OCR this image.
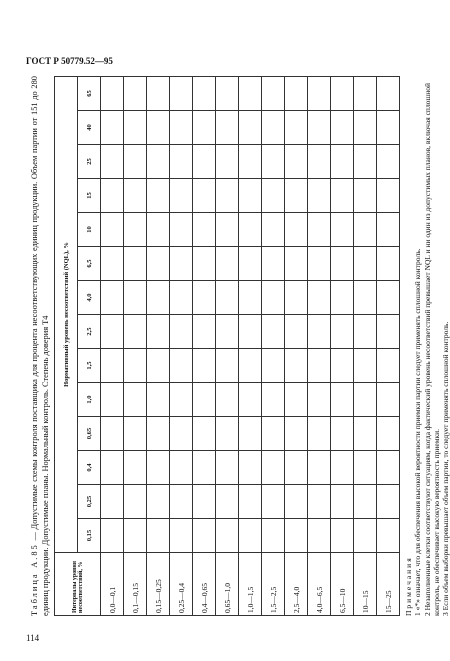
ГОСТ Р 50779.52—95

Таблица А.85 — Допустимые схемы контроля поставщика для процента несоответствующих единиц продукции. Объем партии от 151 до 280 единиц продукции. Допустимые планы. Нормальный контроль. Степень доверия Т4	Интервалы уровня несоответствий, %	Нормативный уровень несоответствий (NQL), %													
	0,15	0,25	0,4	0,65	1,0	1,5	2,5	4,0	6,5	10	15	25	40	65
0,0—0,1														
0,1—0,15														
0,15—0,25														
0,25—0,4														
0,4—0,65														
0,65—1,0														
1,0—1,5														
1,5—2,5														
2,5—4,0														
4,0—6,5														
6,5—10														
10—15														
15—25														Примечания 1 «*» означает, что для обеспечения высокой вероятности приемки партии следует применять сплошной контроль. 2 Незаполненные клетки соответствуют ситуациям, когда фактический уровень несоответствий превышает NQL и ни один из допустимых планов, включая сплошной контроль, не обеспечивает высокую вероятность приемки. 3 Если объем выборки превышает объем партии, то следует применять сплошной контроль.
114
